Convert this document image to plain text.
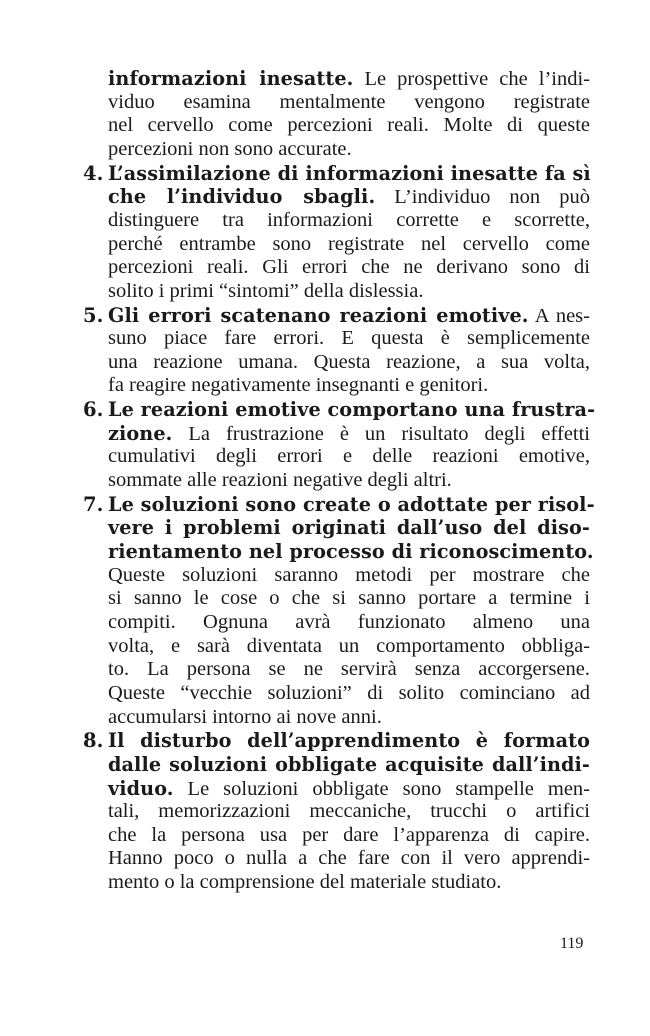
informazioni inesatte. Le prospettive che l’indi-
viduo esamina mentalmente vengono registrate
nel cervello come percezioni reali. Molte di queste
percezioni non sono accurate.
4. L’assimilazione di informazioni inesatte fa sì
che l’individuo sbagli. L’individuo non può
distinguere tra informazioni corrette e scorrette,
perché entrambe sono registrate nel cervello come
percezioni reali. Gli errori che ne derivano sono di
solito i primi “sintomi” della dislessia.
5. Gli errori scatenano reazioni emotive. A nes-
suno piace fare errori. E questa è semplicemente
una reazione umana. Questa reazione, a sua volta,
fa reagire negativamente insegnanti e genitori.
6. Le reazioni emotive comportano una frustra-
zione. La frustrazione è un risultato degli effetti
cumulativi degli errori e delle reazioni emotive,
sommate alle reazioni negative degli altri.
7. Le soluzioni sono create o adottate per risol-
vere i problemi originati dall’uso del diso-
rientamento nel processo di riconoscimento.
Queste soluzioni saranno metodi per mostrare che
si sanno le cose o che si sanno portare a termine i
compiti. Ognuna avrà funzionato almeno una
volta, e sarà diventata un comportamento obbliga-
to. La persona se ne servirà senza accorgersene.
Queste “vecchie soluzioni” di solito cominciano ad
accumularsi intorno ai nove anni.
8. Il disturbo dell’apprendimento è formato
dalle soluzioni obbligate acquisite dall’indi-
viduo. Le soluzioni obbligate sono stampelle men-
tali, memorizzazioni meccaniche, trucchi o artifici
che la persona usa per dare l’apparenza di capire.
Hanno poco o nulla a che fare con il vero apprendi-
mento o la comprensione del materiale studiato.
119
